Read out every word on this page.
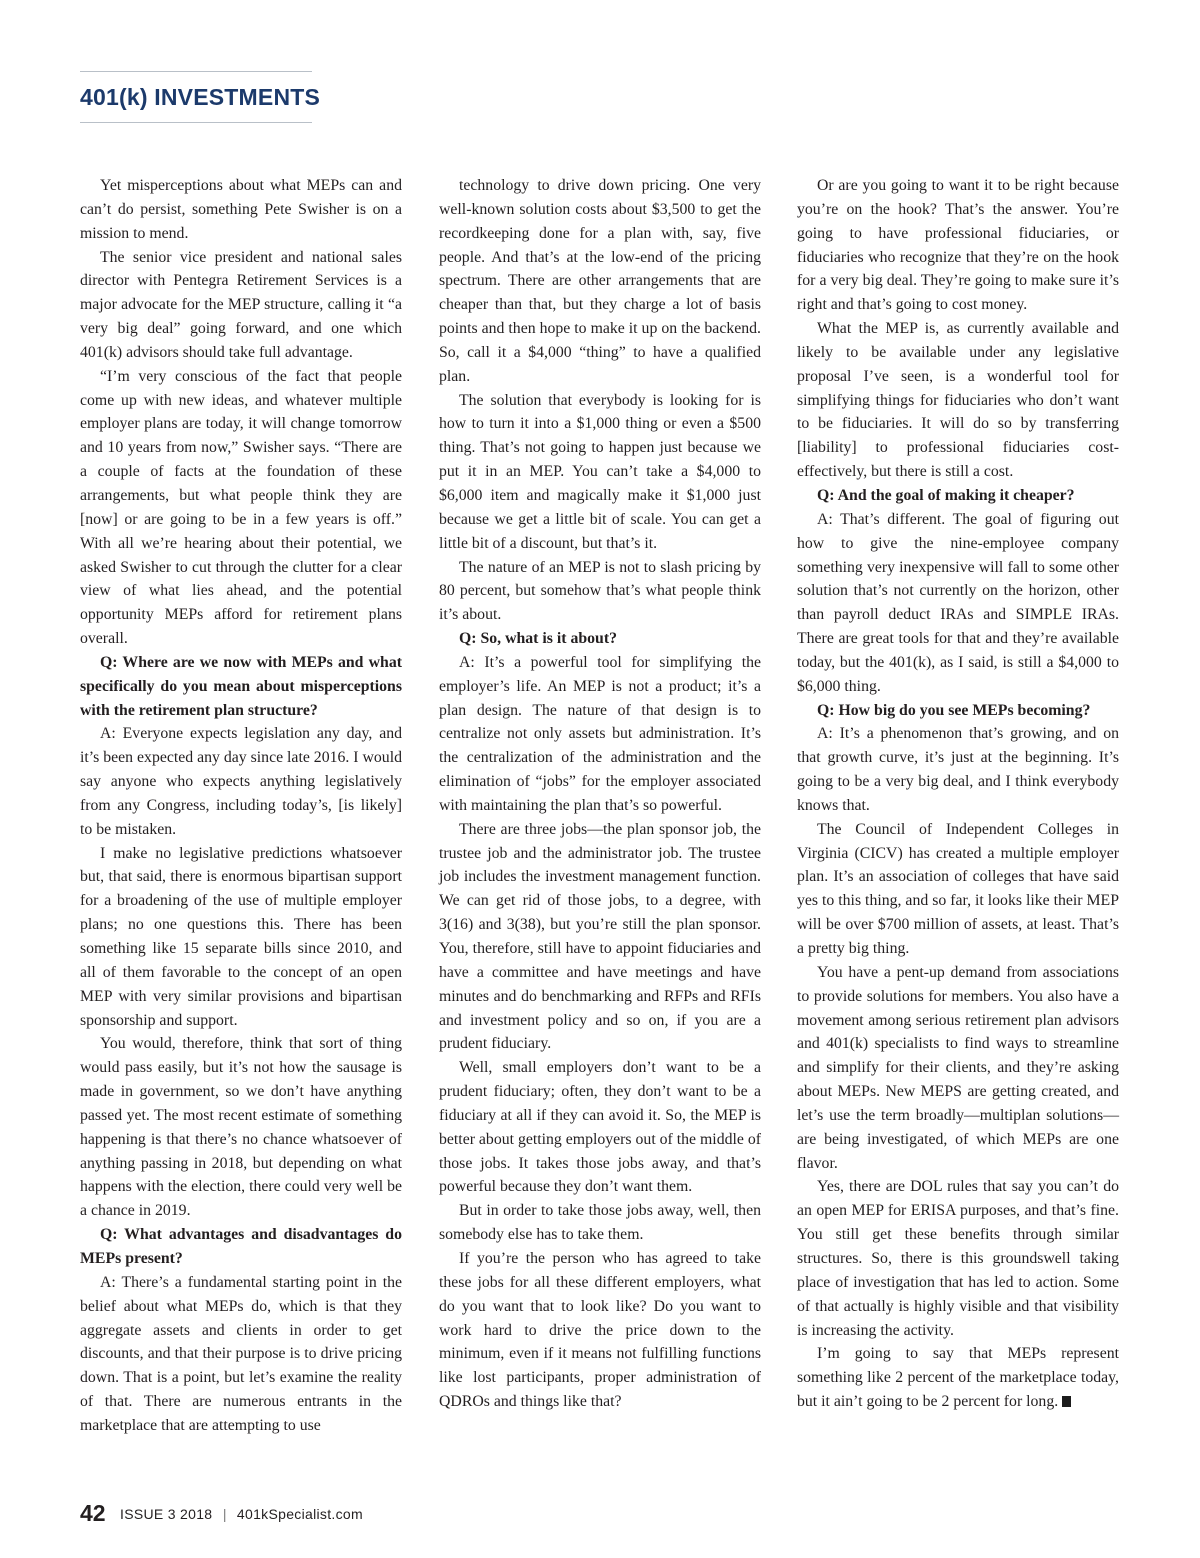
401(k) INVESTMENTS

Yet misperceptions about what MEPs can and can’t do persist, something Pete Swisher is on a mission to mend.

The senior vice president and national sales director with Pentegra Retirement Services is a major advocate for the MEP structure, calling it “a very big deal” going forward, and one which 401(k) advisors should take full advantage.

“I’m very conscious of the fact that people come up with new ideas, and whatever multiple employer plans are today, it will change tomorrow and 10 years from now,” Swisher says. “There are a couple of facts at the foundation of these arrangements, but what people think they are [now] or are going to be in a few years is off.” With all we’re hearing about their potential, we asked Swisher to cut through the clutter for a clear view of what lies ahead, and the potential opportunity MEPs afford for retirement plans overall.

Q: Where are we now with MEPs and what specifically do you mean about misperceptions with the retirement plan structure?

A: Everyone expects legislation any day, and it’s been expected any day since late 2016. I would say anyone who expects anything legislatively from any Congress, including today’s, [is likely] to be mistaken.

I make no legislative predictions whatsoever but, that said, there is enormous bipartisan support for a broadening of the use of multiple employer plans; no one questions this. There has been something like 15 separate bills since 2010, and all of them favorable to the concept of an open MEP with very similar provisions and bipartisan sponsorship and support.

You would, therefore, think that sort of thing would pass easily, but it’s not how the sausage is made in government, so we don’t have anything passed yet. The most recent estimate of something happening is that there’s no chance whatsoever of anything passing in 2018, but depending on what happens with the election, there could very well be a chance in 2019.

Q: What advantages and disadvantages do MEPs present?

A: There’s a fundamental starting point in the belief about what MEPs do, which is that they aggregate assets and clients in order to get discounts, and that their purpose is to drive pricing down. That is a point, but let’s examine the reality of that. There are numerous entrants in the marketplace that are attempting to use

technology to drive down pricing. One very well-known solution costs about $3,500 to get the recordkeeping done for a plan with, say, five people. And that’s at the low-end of the pricing spectrum. There are other arrangements that are cheaper than that, but they charge a lot of basis points and then hope to make it up on the backend. So, call it a $4,000 “thing” to have a qualified plan.

The solution that everybody is looking for is how to turn it into a $1,000 thing or even a $500 thing. That’s not going to happen just because we put it in an MEP. You can’t take a $4,000 to $6,000 item and magically make it $1,000 just because we get a little bit of scale. You can get a little bit of a discount, but that’s it.

The nature of an MEP is not to slash pricing by 80 percent, but somehow that’s what people think it’s about.

Q: So, what is it about?

A: It’s a powerful tool for simplifying the employer’s life. An MEP is not a product; it’s a plan design. The nature of that design is to centralize not only assets but administration. It’s the centralization of the administration and the elimination of “jobs” for the employer associated with maintaining the plan that’s so powerful.

There are three jobs—the plan sponsor job, the trustee job and the administrator job. The trustee job includes the investment management function. We can get rid of those jobs, to a degree, with 3(16) and 3(38), but you’re still the plan sponsor. You, therefore, still have to appoint fiduciaries and have a committee and have meetings and have minutes and do benchmarking and RFPs and RFIs and investment policy and so on, if you are a prudent fiduciary.

Well, small employers don’t want to be a prudent fiduciary; often, they don’t want to be a fiduciary at all if they can avoid it. So, the MEP is better about getting employers out of the middle of those jobs. It takes those jobs away, and that’s powerful because they don’t want them.

But in order to take those jobs away, well, then somebody else has to take them.

If you’re the person who has agreed to take these jobs for all these different employers, what do you want that to look like? Do you want to work hard to drive the price down to the minimum, even if it means not fulfilling functions like lost participants, proper administration of QDROs and things like that?

Or are you going to want it to be right because you’re on the hook? That’s the answer. You’re going to have professional fiduciaries, or fiduciaries who recognize that they’re on the hook for a very big deal. They’re going to make sure it’s right and that’s going to cost money.

What the MEP is, as currently available and likely to be available under any legislative proposal I’ve seen, is a wonderful tool for simplifying things for fiduciaries who don’t want to be fiduciaries. It will do so by transferring [liability] to professional fiduciaries cost-effectively, but there is still a cost.

Q: And the goal of making it cheaper?

A: That’s different. The goal of figuring out how to give the nine-employee company something very inexpensive will fall to some other solution that’s not currently on the horizon, other than payroll deduct IRAs and SIMPLE IRAs. There are great tools for that and they’re available today, but the 401(k), as I said, is still a $4,000 to $6,000 thing.

Q: How big do you see MEPs becoming?

A: It’s a phenomenon that’s growing, and on that growth curve, it’s just at the beginning. It’s going to be a very big deal, and I think everybody knows that.

The Council of Independent Colleges in Virginia (CICV) has created a multiple employer plan. It’s an association of colleges that have said yes to this thing, and so far, it looks like their MEP will be over $700 million of assets, at least. That’s a pretty big thing.

You have a pent-up demand from associations to provide solutions for members. You also have a movement among serious retirement plan advisors and 401(k) specialists to find ways to streamline and simplify for their clients, and they’re asking about MEPs. New MEPS are getting created, and let’s use the term broadly—multiplan solutions—are being investigated, of which MEPs are one flavor.

Yes, there are DOL rules that say you can’t do an open MEP for ERISA purposes, and that’s fine. You still get these benefits through similar structures. So, there is this groundswell taking place of investigation that has led to action. Some of that actually is highly visible and that visibility is increasing the activity.

I’m going to say that MEPs represent something like 2 percent of the marketplace today, but it ain’t going to be 2 percent for long.

42 ISSUE 3 2018 | 401kSpecialist.com
